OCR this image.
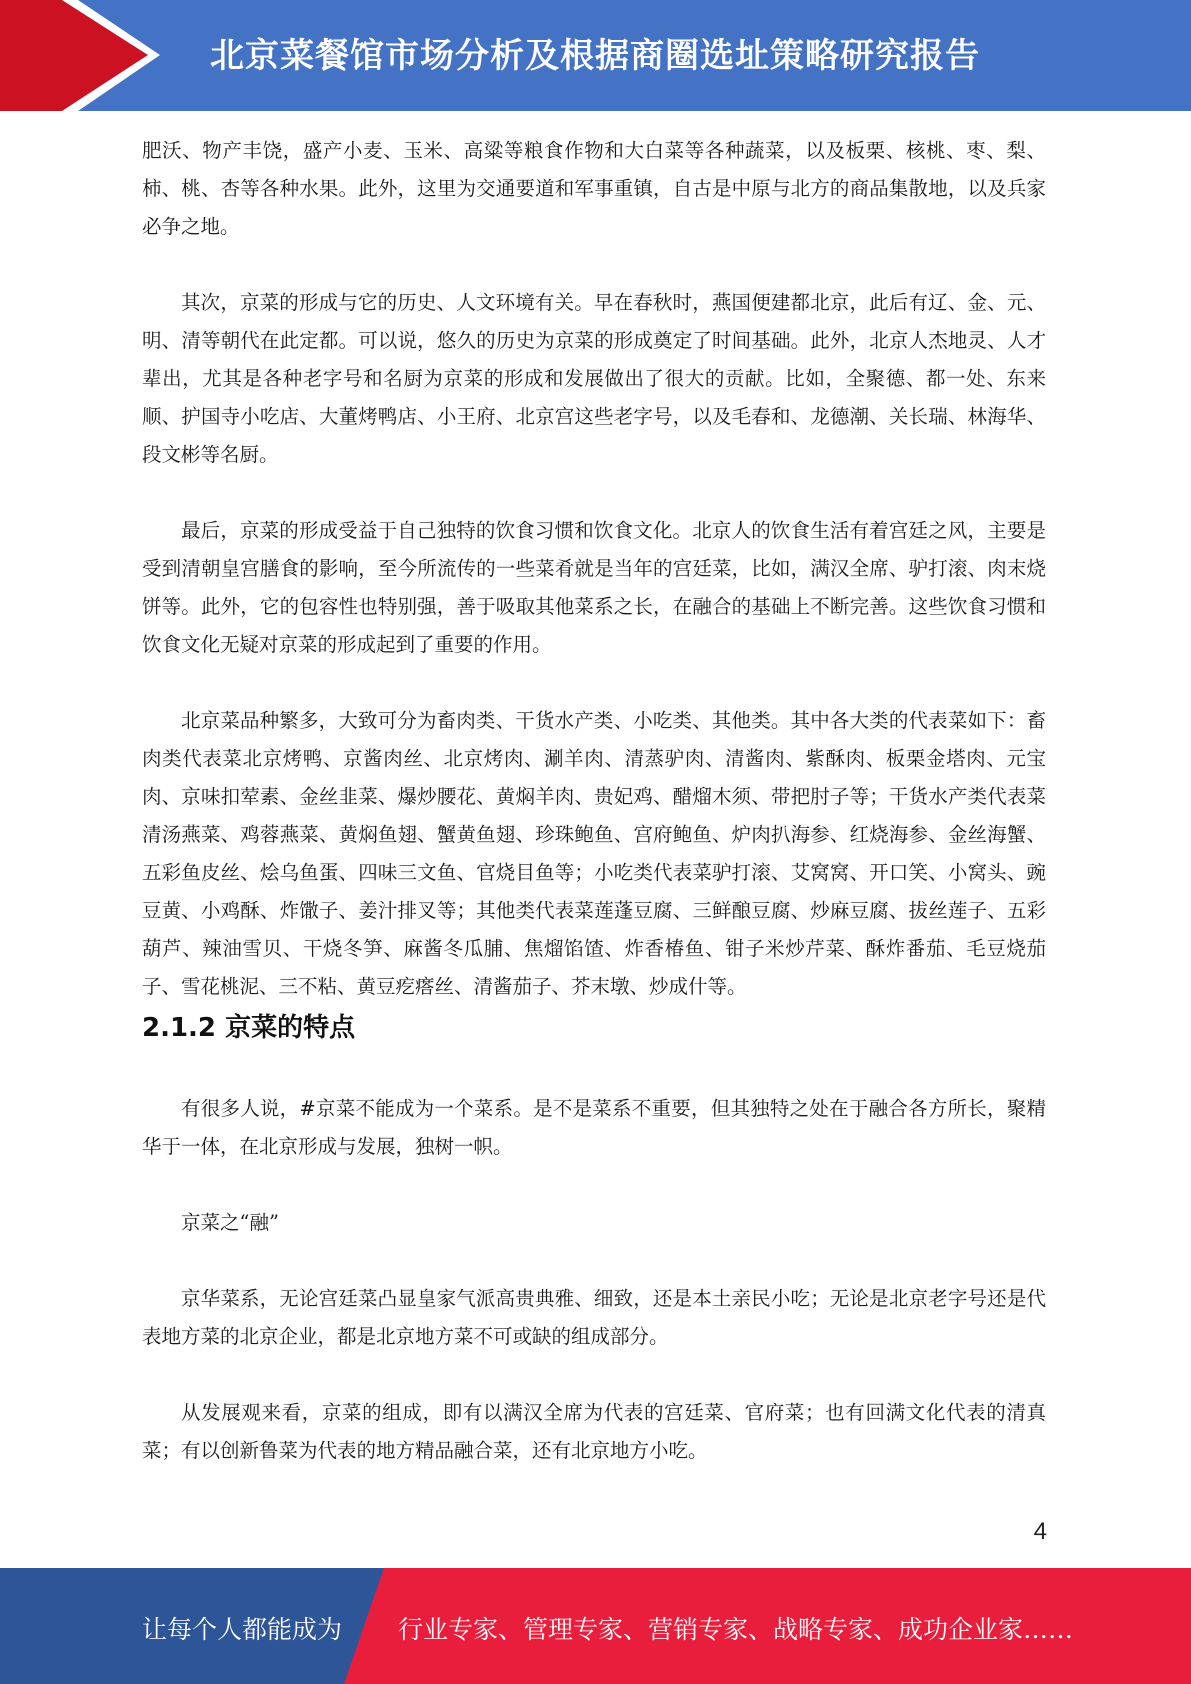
北京菜餐馆市场分析及根据商圈选址策略研究报告

肥沃、物产丰饶，盛产小麦、玉米、高粱等粮食作物和大白菜等各种蔬菜，以及板栗、核桃、枣、梨、柿、桃、杏等各种水果。此外，这里为交通要道和军事重镇，自古是中原与北方的商品集散地，以及兵家必争之地。

其次，京菜的形成与它的历史、人文环境有关。早在春秋时，燕国便建都北京，此后有辽、金、元、明、清等朝代在此定都。可以说，悠久的历史为京菜的形成奠定了时间基础。此外，北京人杰地灵、人才辈出，尤其是各种老字号和名厨为京菜的形成和发展做出了很大的贡献。比如，全聚德、都一处、东来顺、护国寺小吃店、大董烤鸭店、小王府、北京宫这些老字号，以及毛春和、龙德潮、关长瑞、林海华、段文彬等名厨。

最后，京菜的形成受益于自己独特的饮食习惯和饮食文化。北京人的饮食生活有着宫廷之风，主要是受到清朝皇宫膳食的影响，至今所流传的一些菜肴就是当年的宫廷菜，比如，满汉全席、驴打滚、肉末烧饼等。此外，它的包容性也特别强，善于吸取其他菜系之长，在融合的基础上不断完善。这些饮食习惯和饮食文化无疑对京菜的形成起到了重要的作用。

北京菜品种繁多，大致可分为畜肉类、干货水产类、小吃类、其他类。其中各大类的代表菜如下：畜肉类代表菜北京烤鸭、京酱肉丝、北京烤肉、涮羊肉、清蒸驴肉、清酱肉、紫酥肉、板栗金塔肉、元宝肉、京味扣荤素、金丝韭菜、爆炒腰花、黄焖羊肉、贵妃鸡、醋熘木须、带把肘子等；干货水产类代表菜清汤燕菜、鸡蓉燕菜、黄焖鱼翅、蟹黄鱼翅、珍珠鲍鱼、宫府鲍鱼、炉肉扒海参、红烧海参、金丝海蟹、五彩鱼皮丝、烩乌鱼蛋、四味三文鱼、官烧目鱼等；小吃类代表菜驴打滚、艾窝窝、开口笑、小窝头、豌豆黄、小鸡酥、炸馓子、姜汁排叉等；其他类代表菜莲蓬豆腐、三鲜酿豆腐、炒麻豆腐、拔丝莲子、五彩葫芦、辣油雪贝、干烧冬笋、麻酱冬瓜脯、焦熘馅馇、炸香椿鱼、钳子米炒芹菜、酥炸番茄、毛豆烧茄子、雪花桃泥、三不粘、黄豆疙瘩丝、清酱茄子、芥末墩、炒成什等。

2.1.2 京菜的特点

有很多人说，#京菜不能成为一个菜系。是不是菜系不重要，但其独特之处在于融合各方所长，聚精华于一体，在北京形成与发展，独树一帜。

京菜之“融”

京华菜系，无论宫廷菜凸显皇家气派高贵典雅、细致，还是本土亲民小吃；无论是北京老字号还是代表地方菜的北京企业，都是北京地方菜不可或缺的组成部分。

从发展观来看，京菜的组成，即有以满汉全席为代表的宫廷菜、官府菜；也有回满文化代表的清真菜；有以创新鲁菜为代表的地方精品融合菜，还有北京地方小吃。

4
让每个人都能成为 行业专家、管理专家、营销专家、战略专家、成功企业家……
